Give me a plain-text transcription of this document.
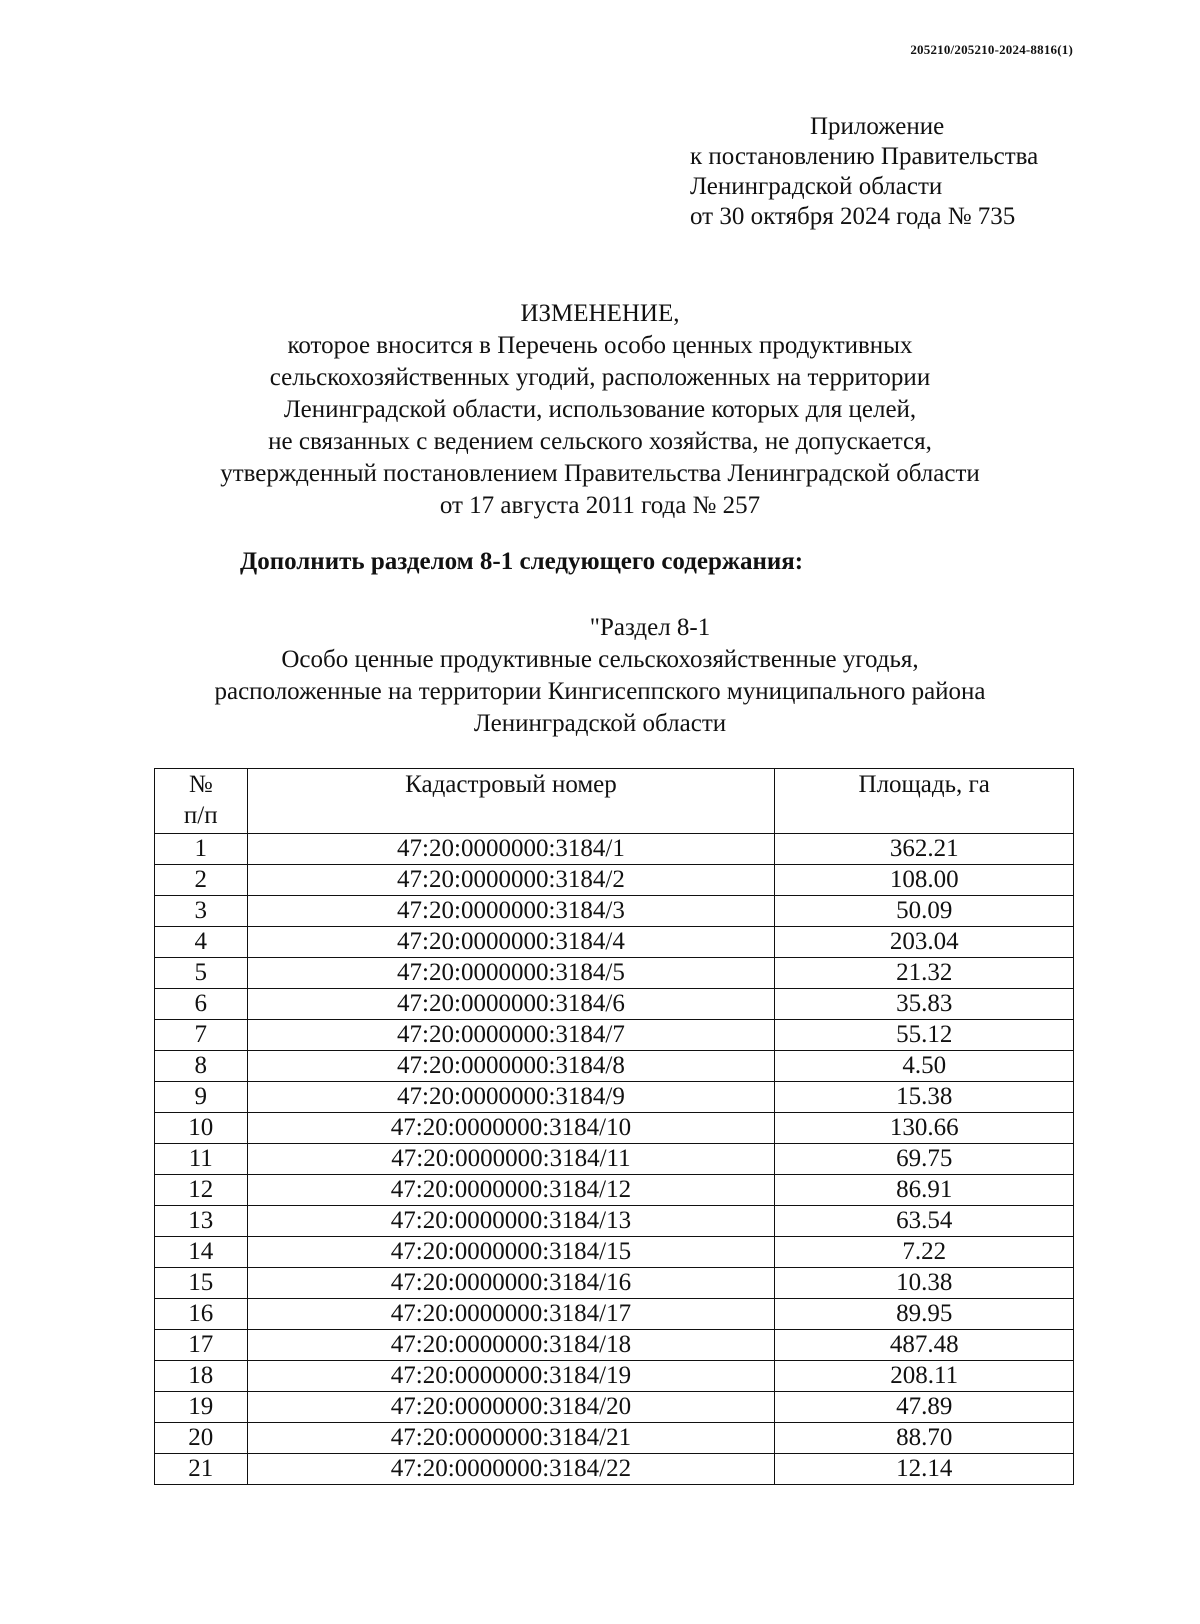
205210/205210-2024-8816(1)
Приложение
к постановлению Правительства
Ленинградской области
от 30 октября 2024 года № 735
ИЗМЕНЕНИЕ,
которое вносится в Перечень особо ценных продуктивных
сельскохозяйственных угодий, расположенных на территории
Ленинградской области, использование которых для целей,
не связанных с ведением сельского хозяйства, не допускается,
утвержденный постановлением Правительства Ленинградской области
от 17 августа 2011 года № 257
Дополнить разделом 8-1 следующего содержания:
"Раздел 8-1
Особо ценные продуктивные сельскохозяйственные угодья,
расположенные на территории Кингисеппского муниципального района
Ленинградской области
№
п/п	Кадастровый номер	Площадь, га
1	47:20:0000000:3184/1	362.21
2	47:20:0000000:3184/2	108.00
3	47:20:0000000:3184/3	50.09
4	47:20:0000000:3184/4	203.04
5	47:20:0000000:3184/5	21.32
6	47:20:0000000:3184/6	35.83
7	47:20:0000000:3184/7	55.12
8	47:20:0000000:3184/8	4.50
9	47:20:0000000:3184/9	15.38
10	47:20:0000000:3184/10	130.66
11	47:20:0000000:3184/11	69.75
12	47:20:0000000:3184/12	86.91
13	47:20:0000000:3184/13	63.54
14	47:20:0000000:3184/15	7.22
15	47:20:0000000:3184/16	10.38
16	47:20:0000000:3184/17	89.95
17	47:20:0000000:3184/18	487.48
18	47:20:0000000:3184/19	208.11
19	47:20:0000000:3184/20	47.89
20	47:20:0000000:3184/21	88.70
21	47:20:0000000:3184/22	12.14
